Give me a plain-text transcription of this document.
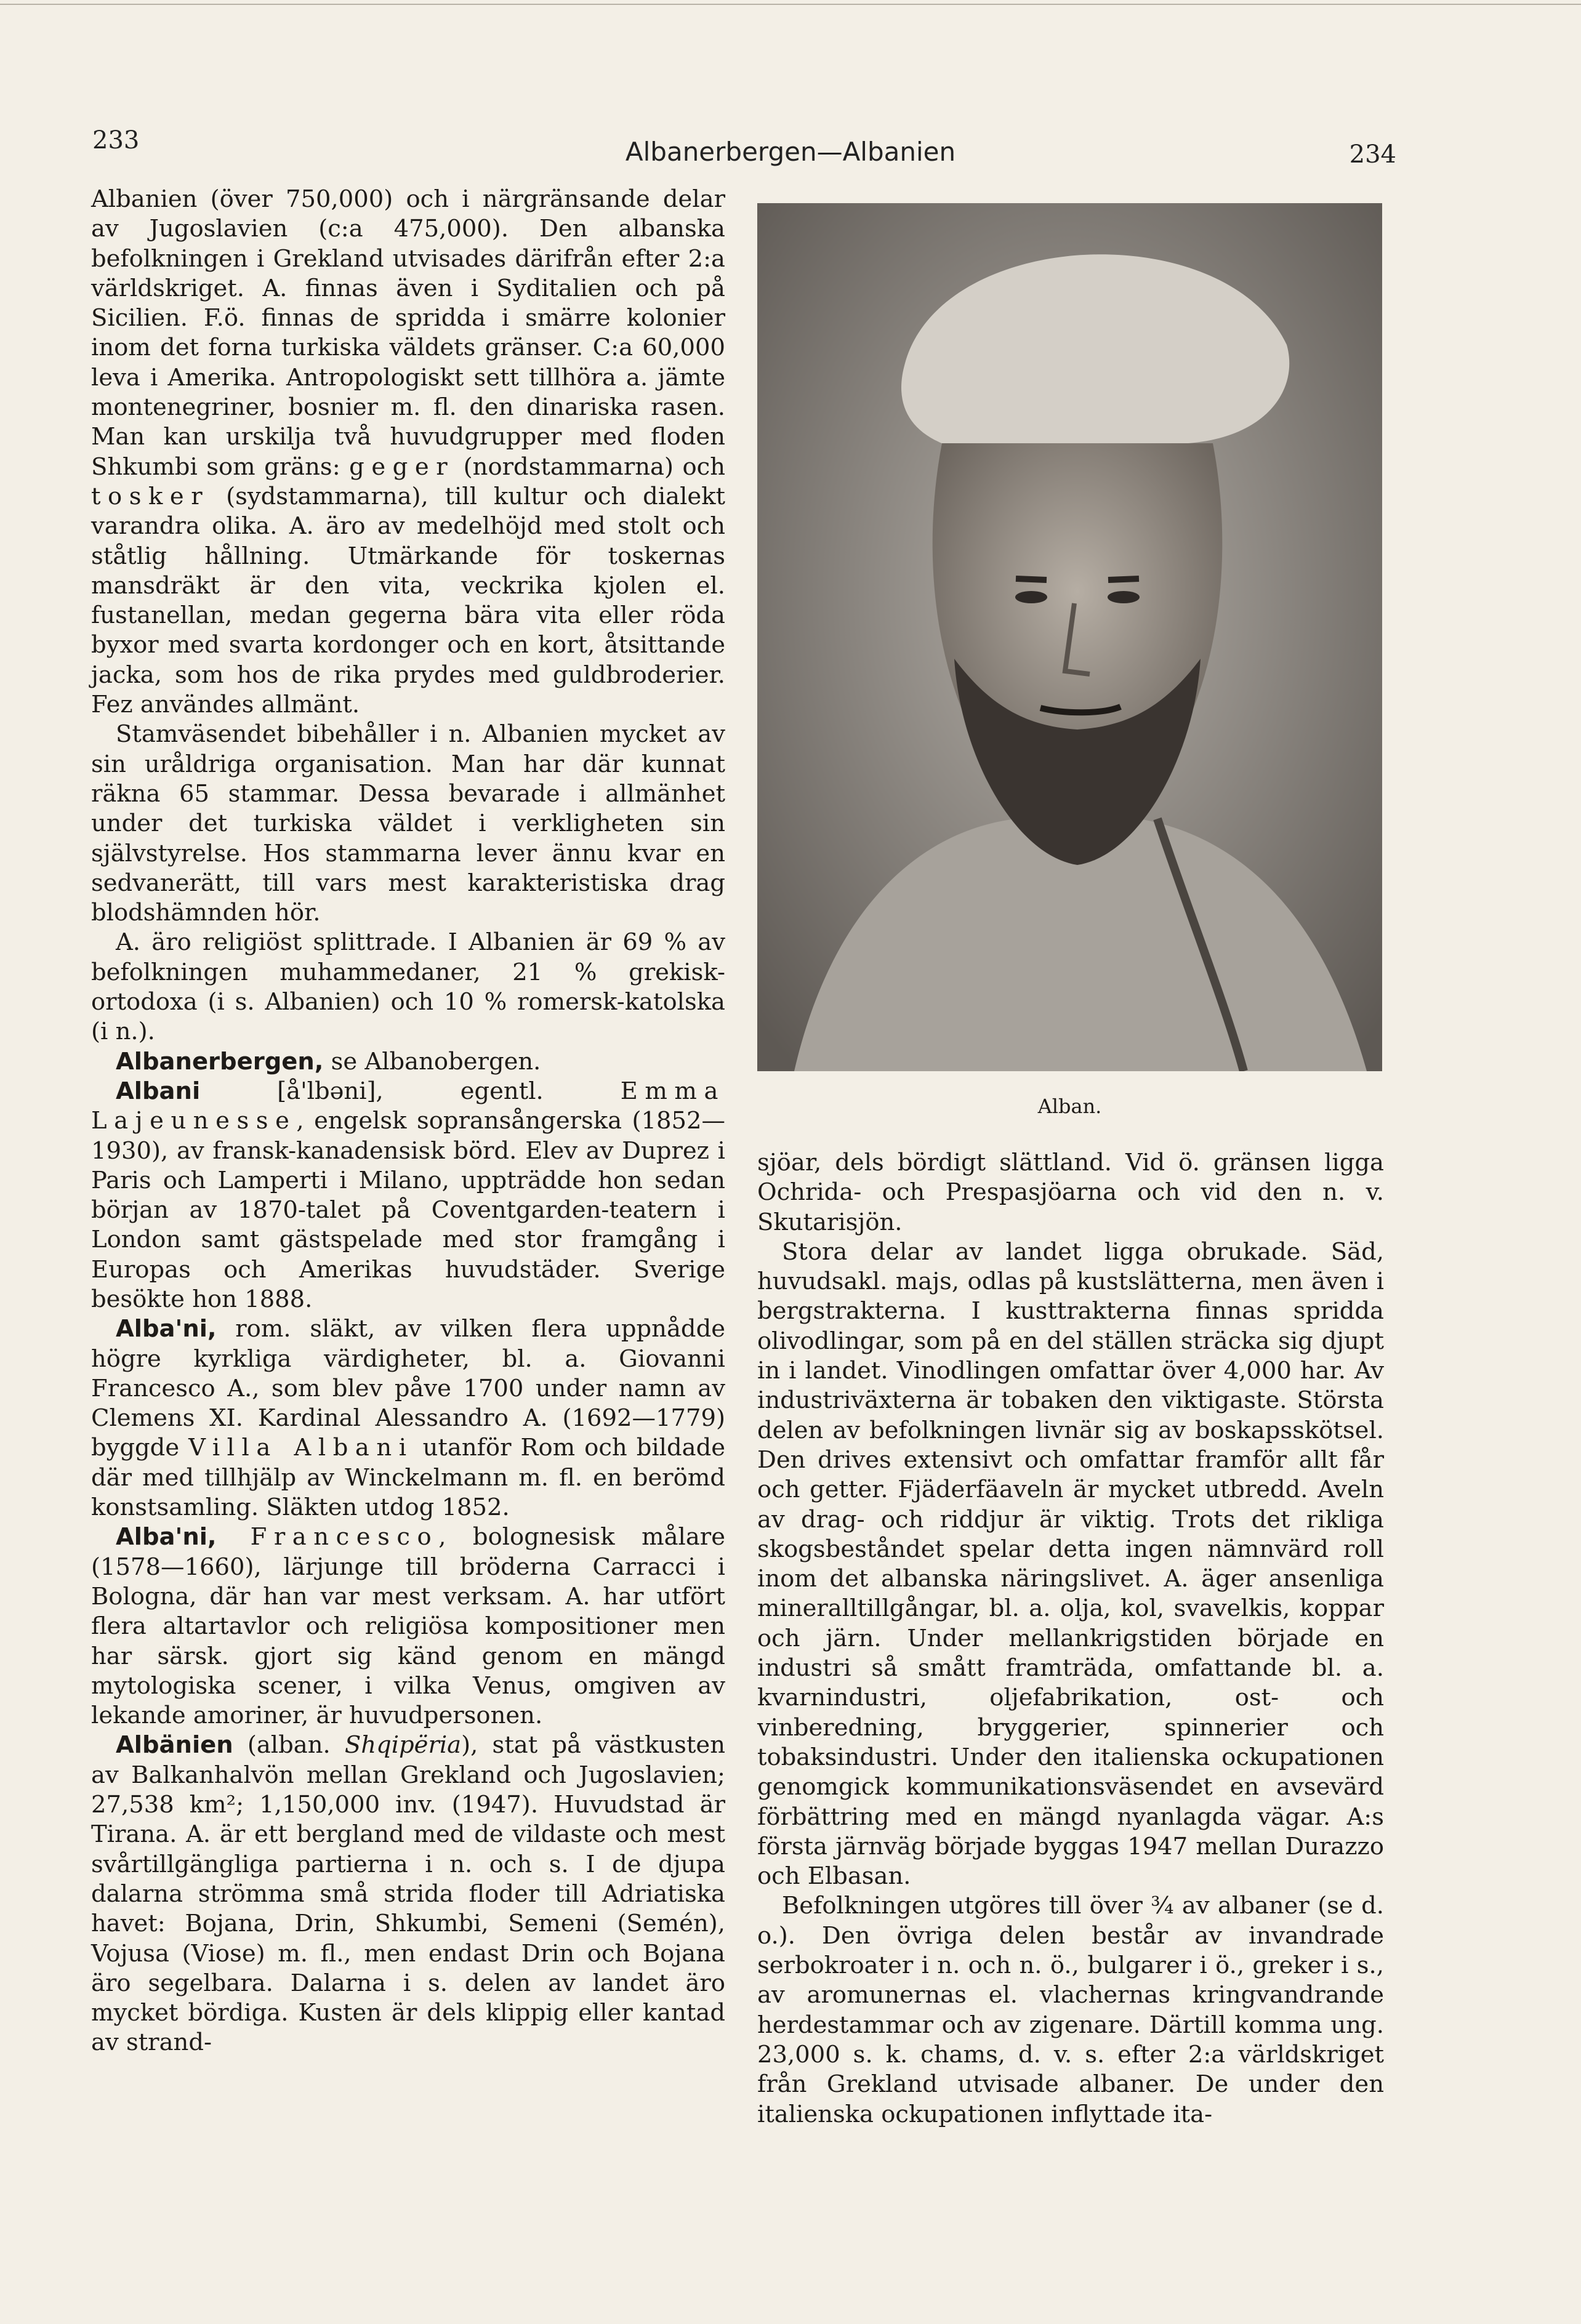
233	Albanerbergen—Albanien	234

Albanien (över 750,000) och i närgränsande delar av Jugoslavien (c:a 475,000). Den albanska befolkningen i Grekland utvisades därifrån efter 2:a världskriget. A. finnas även i Syditalien och på Sicilien. F.ö. finnas de spridda i smärre kolonier inom det forna turkiska väldets gränser. C:a 60,000 leva i Amerika. Antropologiskt sett tillhöra a. jämte montenegriner, bosnier m. fl. den dinariska rasen. Man kan urskilja två huvudgrupper med floden Shkumbi som gräns: geger (nordstammarna) och tosker (sydstammarna), till kultur och dialekt varandra olika. A. äro av medelhöjd med stolt och ståtlig hållning. Utmärkande för toskernas mansdräkt är den vita, veckrika kjolen el. fustanellan, medan gegerna bära vita eller röda byxor med svarta kordonger och en kort, åtsittande jacka, som hos de rika prydes med guldbroderier. Fez användes allmänt.

Stamväsendet bibehåller i n. Albanien mycket av sin uråldriga organisation. Man har där kunnat räkna 65 stammar. Dessa bevarade i allmänhet under det turkiska väldet i verkligheten sin självstyrelse. Hos stammarna lever ännu kvar en sedvanerätt, till vars mest karakteristiska drag blodshämnden hör.

A. äro religiöst splittrade. I Albanien är 69 % av befolkningen muhammedaner, 21 % grekisk-ortodoxa (i s. Albanien) och 10 % romersk-katolska (i n.).

Albanerbergen, se Albanobergen.

Albani [å'lbəni], egentl. Emma Lajeunesse, engelsk sopransångerska (1852—1930), av fransk-kanadensisk börd. Elev av Duprez i Paris och Lamperti i Milano, uppträdde hon sedan början av 1870-talet på Coventgarden-teatern i London samt gästspelade med stor framgång i Europas och Amerikas huvudstäder. Sverige besökte hon 1888.

Alba'ni, rom. släkt, av vilken flera uppnådde högre kyrkliga värdigheter, bl. a. Giovanni Francesco A., som blev påve 1700 under namn av Clemens XI. Kardinal Alessandro A. (1692—1779) byggde Villa Albani utanför Rom och bildade där med tillhjälp av Winckelmann m. fl. en berömd konstsamling. Släkten utdog 1852.

Alba'ni, Francesco, bolognesisk målare (1578—1660), lärjunge till bröderna Carracci i Bologna, där han var mest verksam. A. har utfört flera altartavlor och religiösa kompositioner men har särsk. gjort sig känd genom en mängd mytologiska scener, i vilka Venus, omgiven av lekande amoriner, är huvudpersonen.

Albänien (alban. Shqipëria), stat på västkusten av Balkanhalvön mellan Grekland och Jugoslavien; 27,538 km²; 1,150,000 inv. (1947). Huvudstad är Tirana. A. är ett bergland med de vildaste och mest svårtillgängliga partierna i n. och s. I de djupa dalarna strömma små strida floder till Adriatiska havet: Bojana, Drin, Shkumbi, Semeni (Semén), Vojusa (Viose) m. fl., men endast Drin och Bojana äro segelbara. Dalarna i s. delen av landet äro mycket bördiga. Kusten är dels klippig eller kantad av strand-

Alban.

sjöar, dels bördigt slättland. Vid ö. gränsen ligga Ochrida- och Prespasjöarna och vid den n. v. Skutarisjön.

Stora delar av landet ligga obrukade. Säd, huvudsakl. majs, odlas på kustslätterna, men även i bergstrakterna. I kusttrakterna finnas spridda olivodlingar, som på en del ställen sträcka sig djupt in i landet. Vinodlingen omfattar över 4,000 har. Av industriväxterna är tobaken den viktigaste. Största delen av befolkningen livnär sig av boskapsskötsel. Den drives extensivt och omfattar framför allt får och getter. Fjäderfäaveln är mycket utbredd. Aveln av drag- och riddjur är viktig. Trots det rikliga skogsbeståndet spelar detta ingen nämnvärd roll inom det albanska näringslivet. A. äger ansenliga mineralltillgångar, bl. a. olja, kol, svavelkis, koppar och järn. Under mellankrigstiden började en industri så smått framträda, omfattande bl. a. kvarnindustri, oljefabrikation, ost- och vinberedning, bryggerier, spinnerier och tobaksindustri. Under den italienska ockupationen genomgick kommunikationsväsendet en avsevärd förbättring med en mängd nyanlagda vägar. A:s första järnväg började byggas 1947 mellan Durazzo och Elbasan.

Befolkningen utgöres till över ¾ av albaner (se d. o.). Den övriga delen består av invandrade serbokroater i n. och n. ö., bulgarer i ö., greker i s., av aromunernas el. vlachernas kringvandrande herdestammar och av zigenare. Därtill komma ung. 23,000 s. k. chams, d. v. s. efter 2:a världskriget från Grekland utvisade albaner. De under den italienska ockupationen inflyttade ita-
